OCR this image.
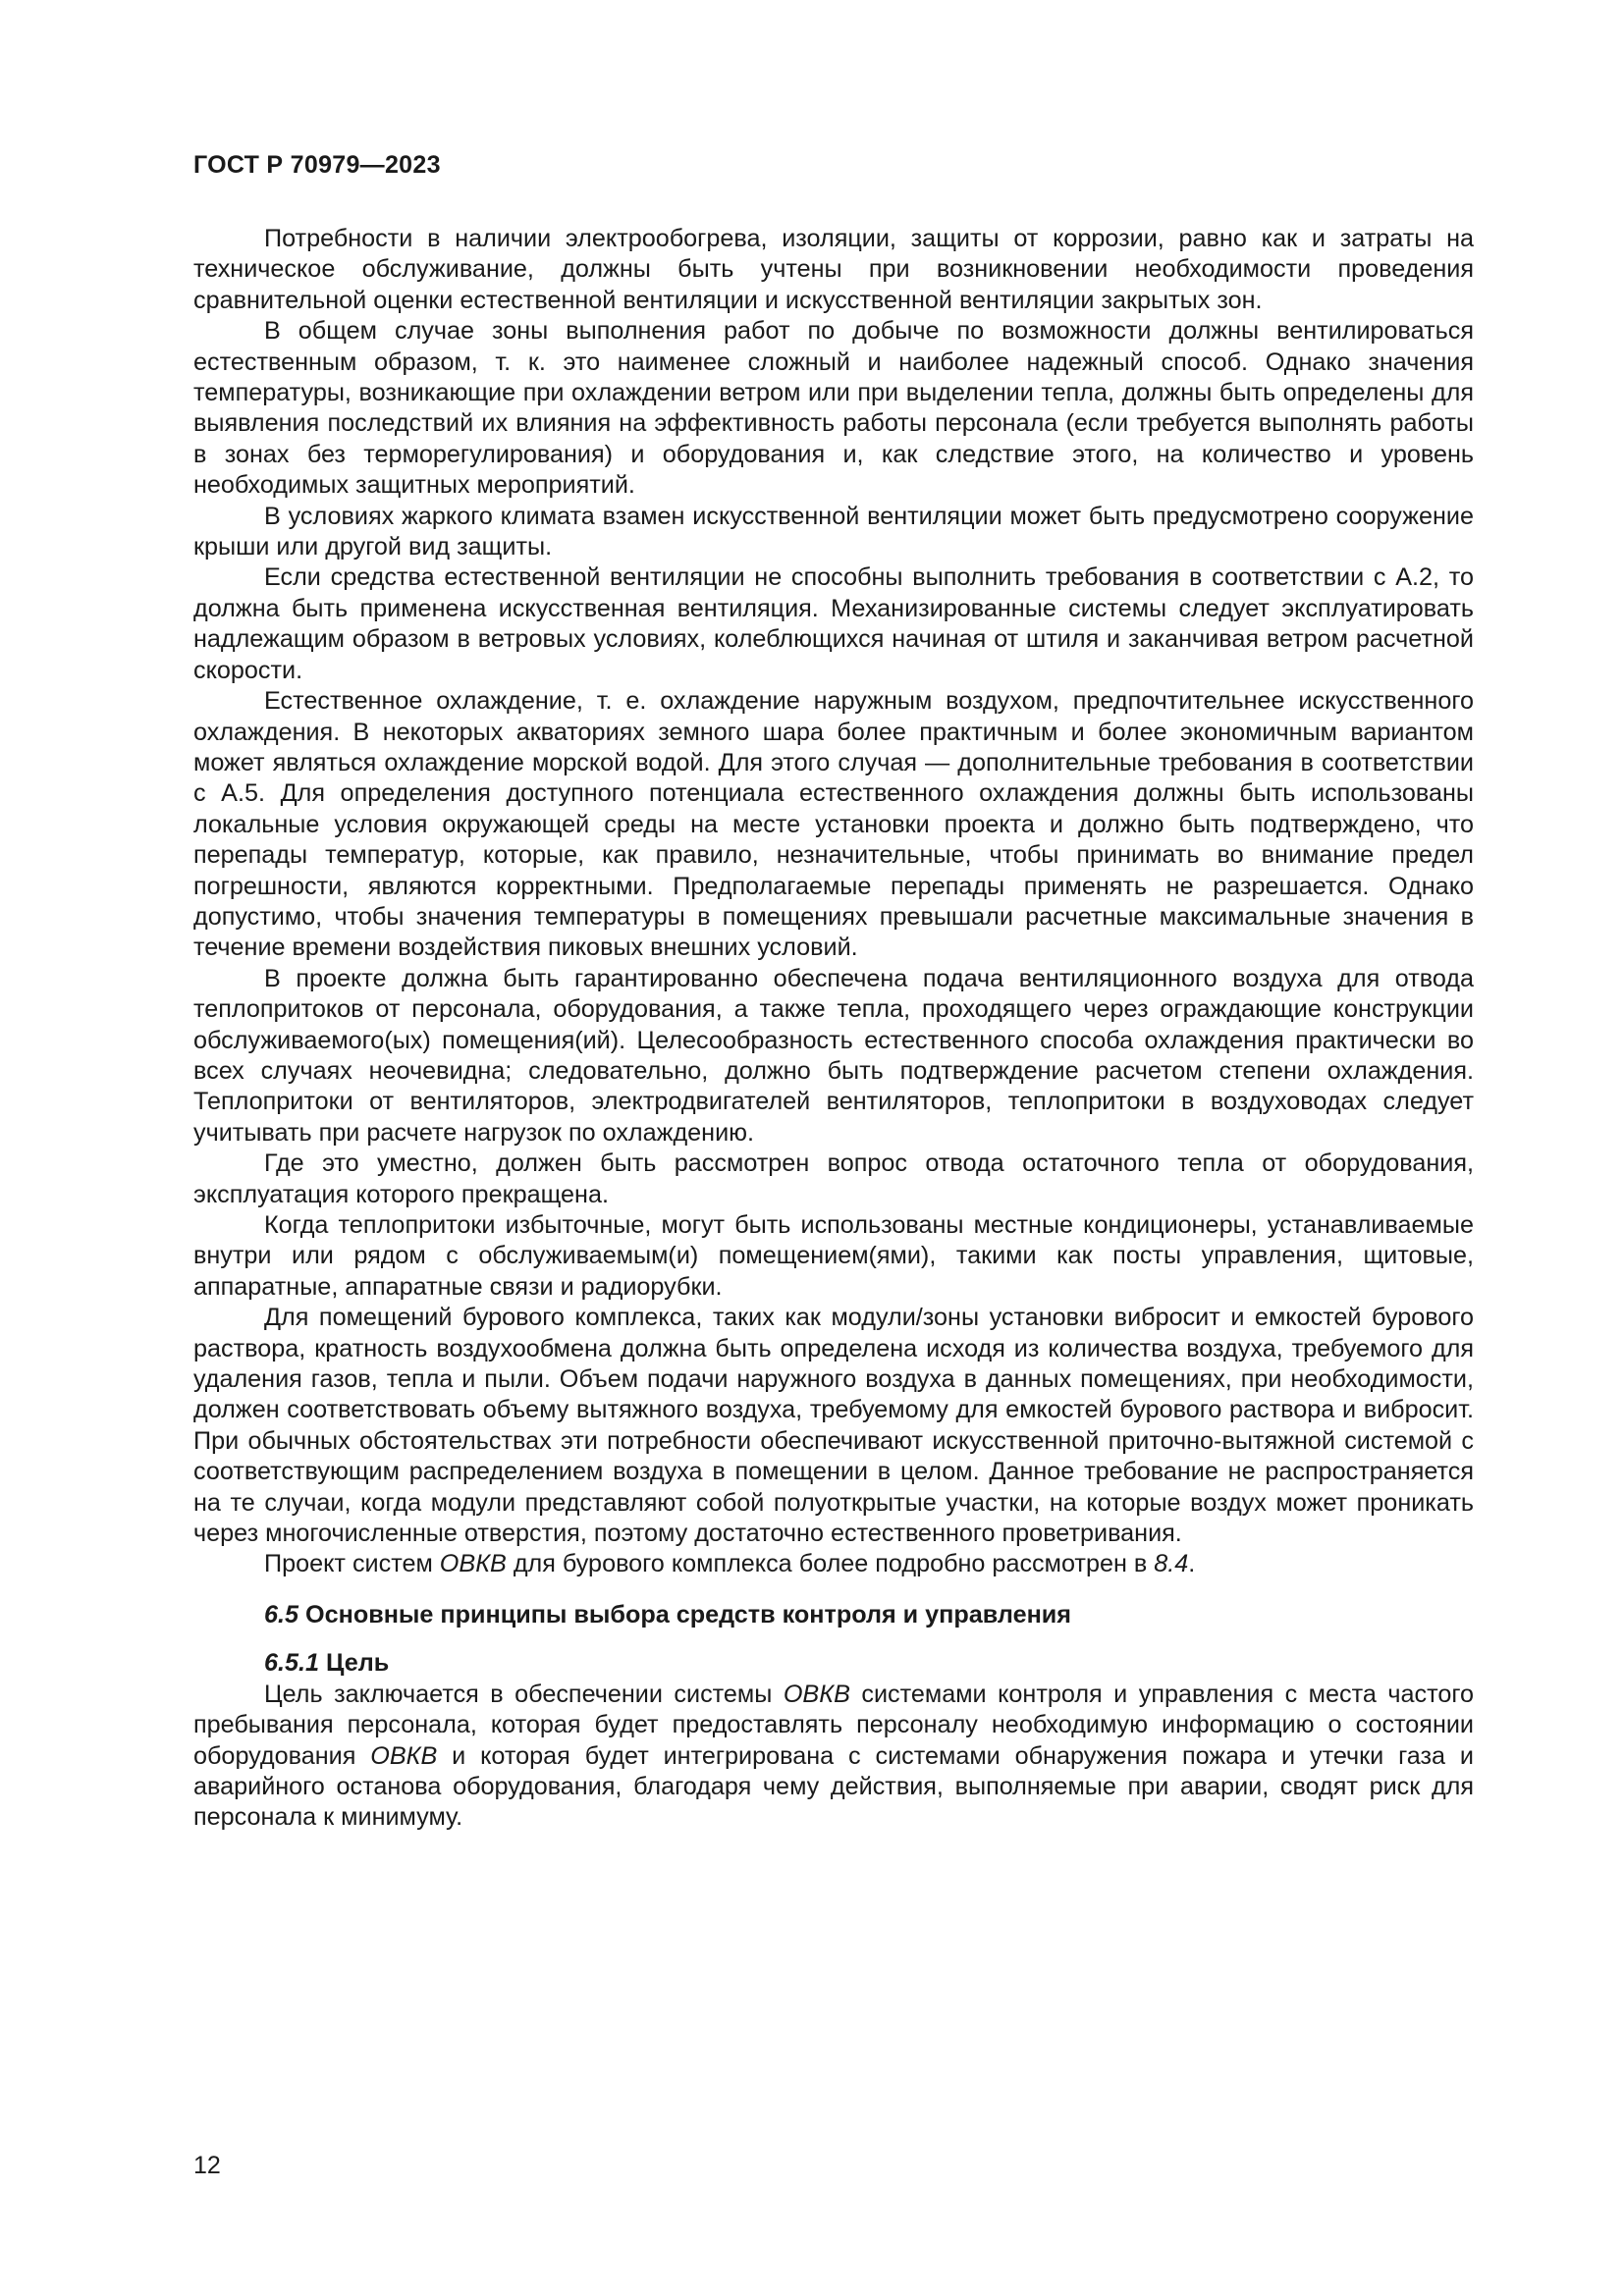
ГОСТ Р 70979—2023

Потребности в наличии электрообогрева, изоляции, защиты от коррозии, равно как и затраты на техническое обслуживание, должны быть учтены при возникновении необходимости проведения сравнительной оценки естественной вентиляции и искусственной вентиляции закрытых зон.

В общем случае зоны выполнения работ по добыче по возможности должны вентилироваться естественным образом, т. к. это наименее сложный и наиболее надежный способ. Однако значения температуры, возникающие при охлаждении ветром или при выделении тепла, должны быть определены для выявления последствий их влияния на эффективность работы персонала (если требуется выполнять работы в зонах без терморегулирования) и оборудования и, как следствие этого, на количество и уровень необходимых защитных мероприятий.

В условиях жаркого климата взамен искусственной вентиляции может быть предусмотрено сооружение крыши или другой вид защиты.

Если средства естественной вентиляции не способны выполнить требования в соответствии с А.2, то должна быть применена искусственная вентиляция. Механизированные системы следует эксплуатировать надлежащим образом в ветровых условиях, колеблющихся начиная от штиля и заканчивая ветром расчетной скорости.

Естественное охлаждение, т. е. охлаждение наружным воздухом, предпочтительнее искусственного охлаждения. В некоторых акваториях земного шара более практичным и более экономичным вариантом может являться охлаждение морской водой. Для этого случая — дополнительные требования в соответствии с А.5. Для определения доступного потенциала естественного охлаждения должны быть использованы локальные условия окружающей среды на месте установки проекта и должно быть подтверждено, что перепады температур, которые, как правило, незначительные, чтобы принимать во внимание предел погрешности, являются корректными. Предполагаемые перепады применять не разрешается. Однако допустимо, чтобы значения температуры в помещениях превышали расчетные максимальные значения в течение времени воздействия пиковых внешних условий.

В проекте должна быть гарантированно обеспечена подача вентиляционного воздуха для отвода теплопритоков от персонала, оборудования, а также тепла, проходящего через ограждающие конструкции обслуживаемого(ых) помещения(ий). Целесообразность естественного способа охлаждения практически во всех случаях неочевидна; следовательно, должно быть подтверждение расчетом степени охлаждения. Теплопритоки от вентиляторов, электродвигателей вентиляторов, теплопритоки в воздуховодах следует учитывать при расчете нагрузок по охлаждению.

Где это уместно, должен быть рассмотрен вопрос отвода остаточного тепла от оборудования, эксплуатация которого прекращена.

Когда теплопритоки избыточные, могут быть использованы местные кондиционеры, устанавливаемые внутри или рядом с обслуживаемым(и) помещением(ями), такими как посты управления, щитовые, аппаратные, аппаратные связи и радиорубки.

Для помещений бурового комплекса, таких как модули/зоны установки вибросит и емкостей бурового раствора, кратность воздухообмена должна быть определена исходя из количества воздуха, требуемого для удаления газов, тепла и пыли. Объем подачи наружного воздуха в данных помещениях, при необходимости, должен соответствовать объему вытяжного воздуха, требуемому для емкостей бурового раствора и вибросит. При обычных обстоятельствах эти потребности обеспечивают искусственной приточно-вытяжной системой с соответствующим распределением воздуха в помещении в целом. Данное требование не распространяется на те случаи, когда модули представляют собой полуоткрытые участки, на которые воздух может проникать через многочисленные отверстия, поэтому достаточно естественного проветривания.

Проект систем ОВКВ для бурового комплекса более подробно рассмотрен в 8.4.

6.5 Основные принципы выбора средств контроля и управления
6.5.1 Цель

Цель заключается в обеспечении системы ОВКВ системами контроля и управления с места частого пребывания персонала, которая будет предоставлять персоналу необходимую информацию о состоянии оборудования ОВКВ и которая будет интегрирована с системами обнаружения пожара и утечки газа и аварийного останова оборудования, благодаря чему действия, выполняемые при аварии, сводят риск для персонала к минимуму.

12
